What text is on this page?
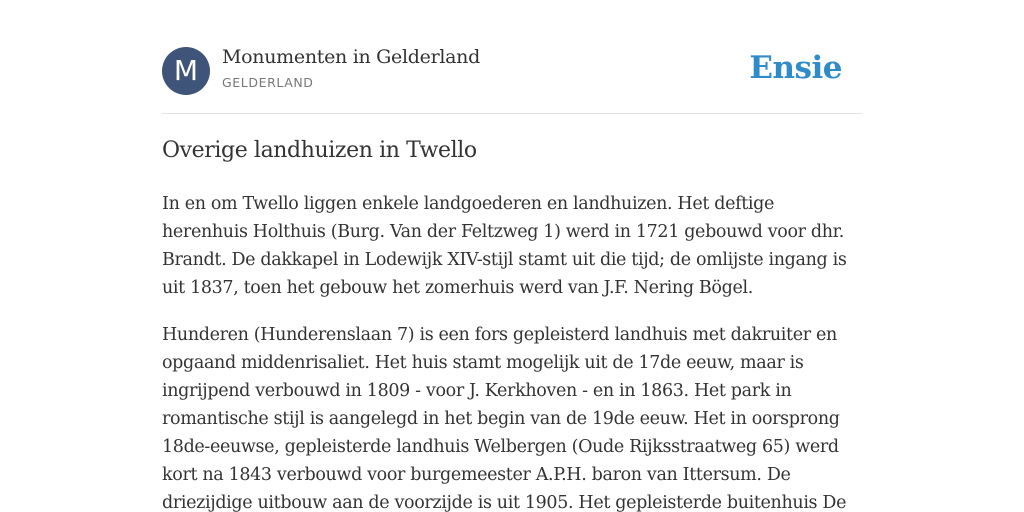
M	Monumenten in Gelderland
GELDERLAND	Ensie
Overige landhuizen in Twello

In en om Twello liggen enkele landgoederen en landhuizen. Het deftige
herenhuis Holthuis (Burg. Van der Feltzweg 1) werd in 1721 gebouwd voor dhr.
Brandt. De dakkapel in Lodewijk XIV-stijl stamt uit die tijd; de omlijste ingang is
uit 1837, toen het gebouw het zomerhuis werd van J.F. Nering Bögel.

Hunderen (Hunderenslaan 7) is een fors gepleisterd landhuis met dakruiter en
opgaand middenrisaliet. Het huis stamt mogelijk uit de 17de eeuw, maar is
ingrijpend verbouwd in 1809 - voor J. Kerkhoven - en in 1863. Het park in
romantische stijl is aangelegd in het begin van de 19de eeuw. Het in oorsprong
18de-eeuwse, gepleisterde landhuis Welbergen (Oude Rijksstraatweg 65) werd
kort na 1843 verbouwd voor burgemeester A.P.H. baron van Ittersum. De
driezijdige uitbouw aan de voorzijde is uit 1905. Het gepleisterde buitenhuis De
